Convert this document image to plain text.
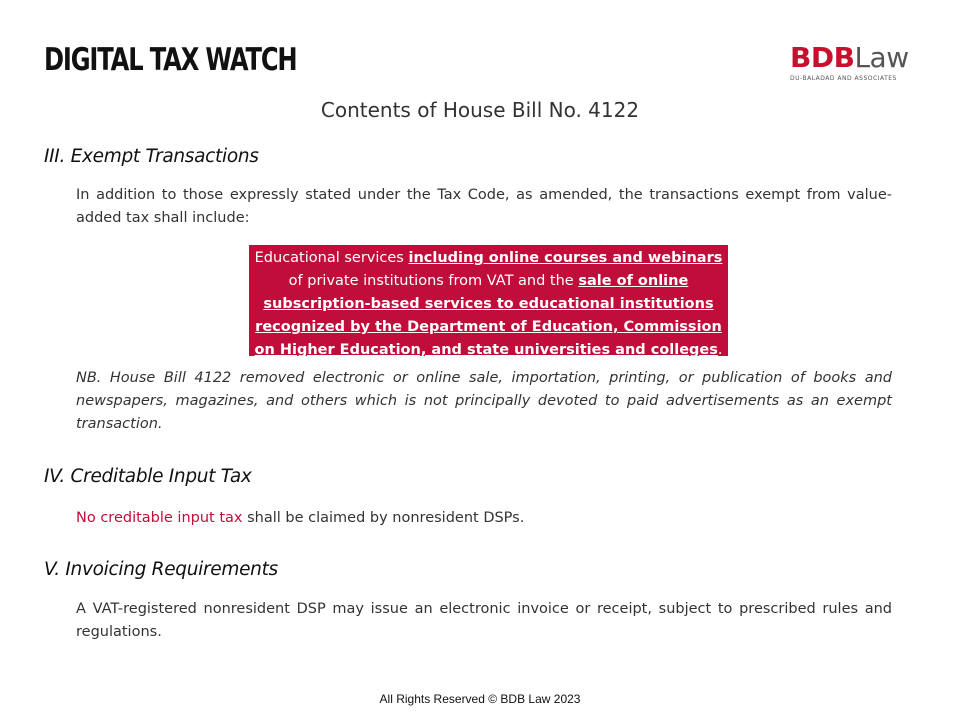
DIGITAL TAX WATCH	BDBLaw
DU-BALADAD AND ASSOCIATES
Contents of House Bill No. 4122
III. Exempt Transactions
In addition to those expressly stated under the Tax Code, as amended, the transactions exempt from value-added tax shall include:
Educational services including online courses and webinars of private institutions from VAT and the sale of online subscription-based services to educational institutions recognized by the Department of Education, Commission on Higher Education, and state universities and colleges.
NB. House Bill 4122 removed electronic or online sale, importation, printing, or publication of books and newspapers, magazines, and others which is not principally devoted to paid advertisements as an exempt transaction.
IV. Creditable Input Tax
No creditable input tax shall be claimed by nonresident DSPs.
V. Invoicing Requirements
A VAT-registered nonresident DSP may issue an electronic invoice or receipt, subject to prescribed rules and regulations.
All Rights Reserved © BDB Law 2023
